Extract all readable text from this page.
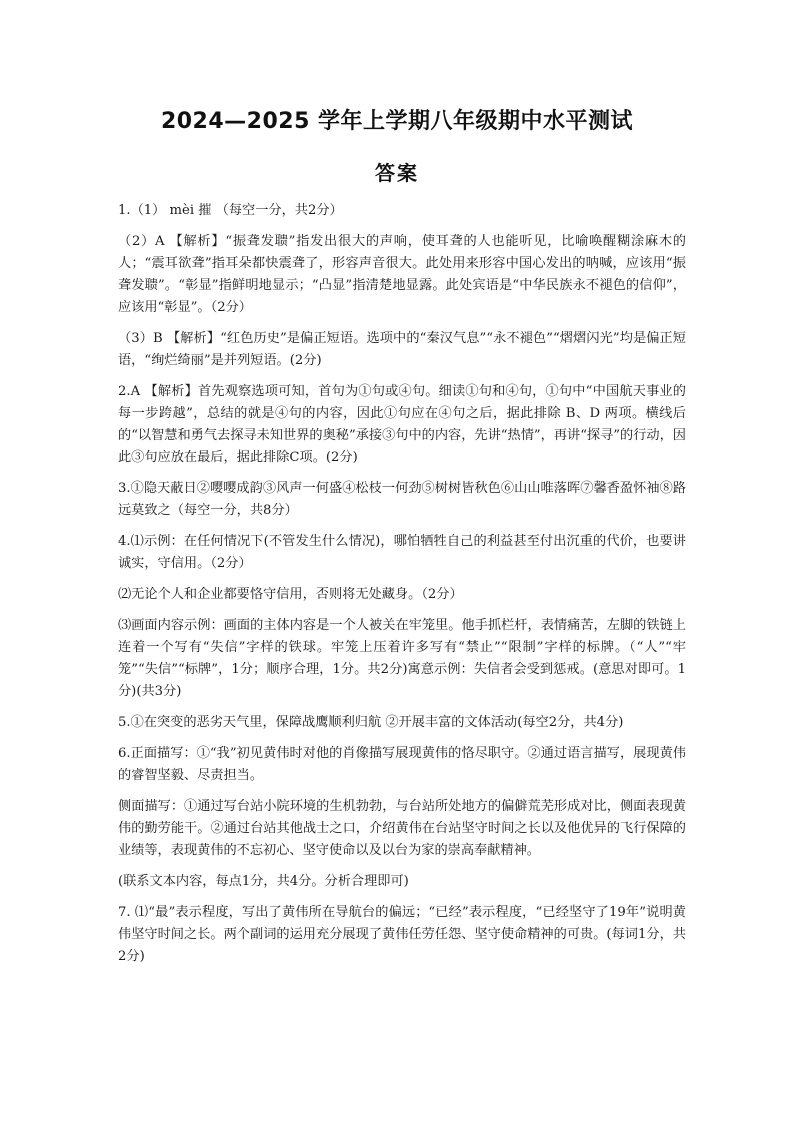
2024—2025 学年上学期八年级期中水平测试
答案

1.（1） mèi 摧 （每空一分，共2分）

（2）A 【解析】“振聋发聩”指发出很大的声响，使耳聋的人也能听见，比喻唤醒糊涂麻木的人；“震耳欲聋”指耳朵都快震聋了，形容声音很大。此处用来形容中国心发出的呐喊，应该用“振聋发聩”。“彰显”指鲜明地显示；“凸显”指清楚地显露。此处宾语是“中华民族永不褪色的信仰”，应该用“彰显”。（2分）

（3）B 【解析】“红色历史”是偏正短语。选项中的“秦汉气息”“永不褪色”“熠熠闪光”均是偏正短语，“绚烂绮丽”是并列短语。(2分)

2.A 【解析】首先观察选项可知，首句为①句或④句。细读①句和④句，①句中“中国航天事业的每一步跨越”，总结的就是④句的内容，因此①句应在④句之后，据此排除 B、D 两项。横线后的“以智慧和勇气去探寻未知世界的奥秘”承接③句中的内容，先讲“热情”，再讲“探寻”的行动，因此③句应放在最后，据此排除C项。(2分)

3.①隐天蔽日②嘤嘤成韵③风声一何盛④松枝一何劲⑤树树皆秋色⑥山山唯落晖⑦馨香盈怀袖⑧路远莫致之（每空一分，共8分）

4.⑴示例：在任何情况下(不管发生什么情况)，哪怕牺牲自己的利益甚至付出沉重的代价，也要讲诚实，守信用。（2分）

⑵无论个人和企业都要恪守信用，否则将无处藏身。（2分）

⑶画面内容示例：画面的主体内容是一个人被关在牢笼里。他手抓栏杆，表情痛苦，左脚的铁链上连着一个写有“失信”字样的铁球。牢笼上压着许多写有“禁止”“限制”字样的标牌。（“人”“牢笼”“失信”“标牌”，1分；顺序合理，1分。共2分)寓意示例：失信者会受到惩戒。(意思对即可。1分)(共3分)

5.①在突变的恶劣天气里，保障战鹰顺利归航 ②开展丰富的文体活动(每空2分，共4分)

6.正面描写：①“我”初见黄伟时对他的肖像描写展现黄伟的恪尽职守。②通过语言描写，展现黄伟的睿智坚毅、尽责担当。

侧面描写：①通过写台站小院环境的生机勃勃，与台站所处地方的偏僻荒芜形成对比，侧面表现黄伟的勤劳能干。②通过台站其他战士之口，介绍黄伟在台站坚守时间之长以及他优异的飞行保障的业绩等，表现黄伟的不忘初心、坚守使命以及以台为家的崇高奉献精神。

(联系文本内容，每点1分，共4分。分析合理即可)

7. ⑴“最”表示程度，写出了黄伟所在导航台的偏远；“已经”表示程度，“已经坚守了19年”说明黄伟坚守时间之长。两个副词的运用充分展现了黄伟任劳任怨、坚守使命精神的可贵。(每词1分，共2分)
